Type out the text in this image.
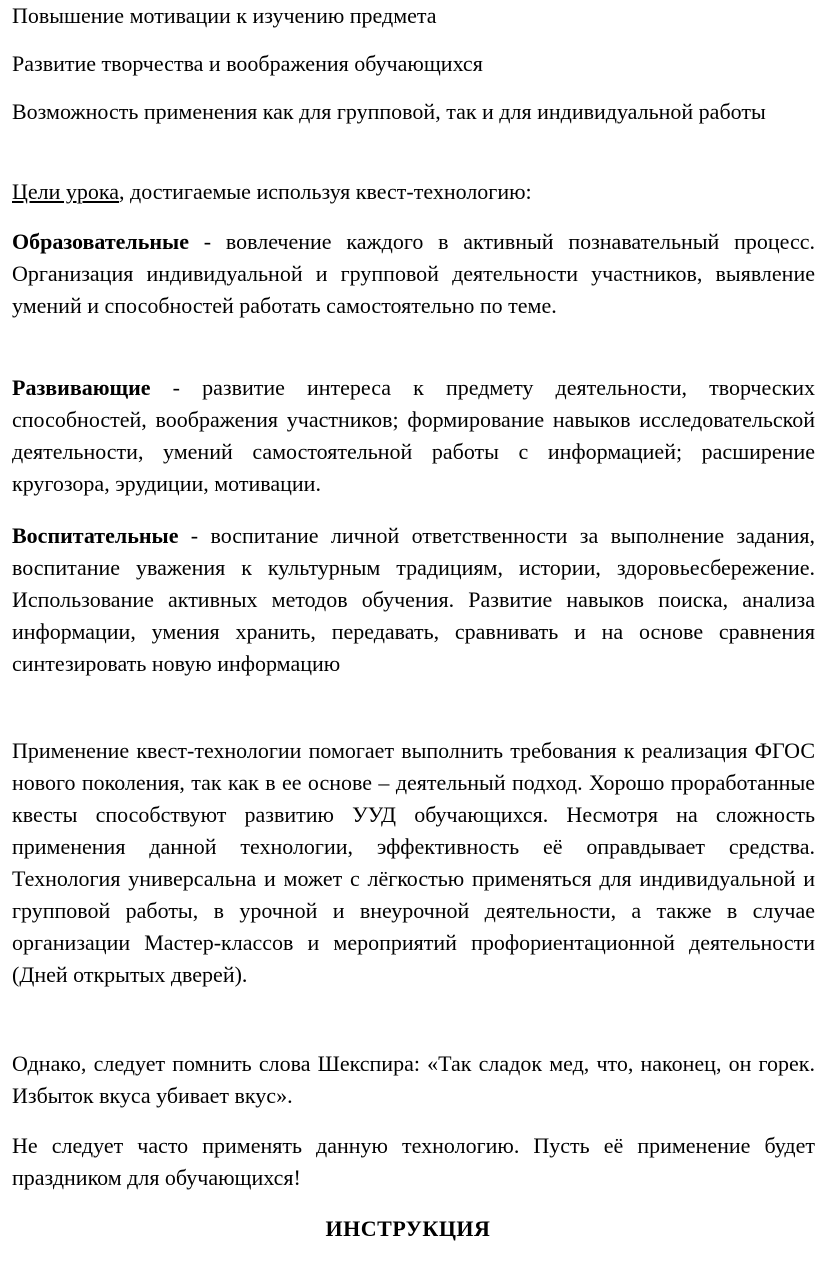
Повышение мотивации к изучению предмета

Развитие творчества и воображения обучающихся

Возможность применения как для групповой, так и для индивидуальной работы

Цели урока, достигаемые используя квест-технологию:

Образовательные - вовлечение каждого в активный познавательный процесс. Организация индивидуальной и групповой деятельности участников, выявление умений и способностей работать самостоятельно по теме.

Развивающие - развитие интереса к предмету деятельности, творческих способностей, воображения участников; формирование навыков исследовательской деятельности, умений самостоятельной работы с информацией; расширение кругозора, эрудиции, мотивации.

Воспитательные - воспитание личной ответственности за выполнение задания, воспитание уважения к культурным традициям, истории, здоровьесбережение. Использование активных методов обучения. Развитие навыков поиска, анализа информации, умения хранить, передавать, сравнивать и на основе сравнения синтезировать новую информацию

Применение квест-технологии помогает выполнить требования к реализация ФГОС нового поколения, так как в ее основе – деятельный подход. Хорошо проработанные квесты способствуют развитию УУД обучающихся. Несмотря на сложность применения данной технологии, эффективность её оправдывает средства. Технология универсальна и может с лёгкостью применяться для индивидуальной и групповой работы, в урочной и внеурочной деятельности, а также в случае организации Мастер-классов и мероприятий профориентационной деятельности (Дней открытых дверей).

Однако, следует помнить слова Шекспира: «Так сладок мед, что, наконец, он горек. Избыток вкуса убивает вкус».

Не следует часто применять данную технологию. Пусть её применение будет праздником для обучающихся!

ИНСТРУКЦИЯ
